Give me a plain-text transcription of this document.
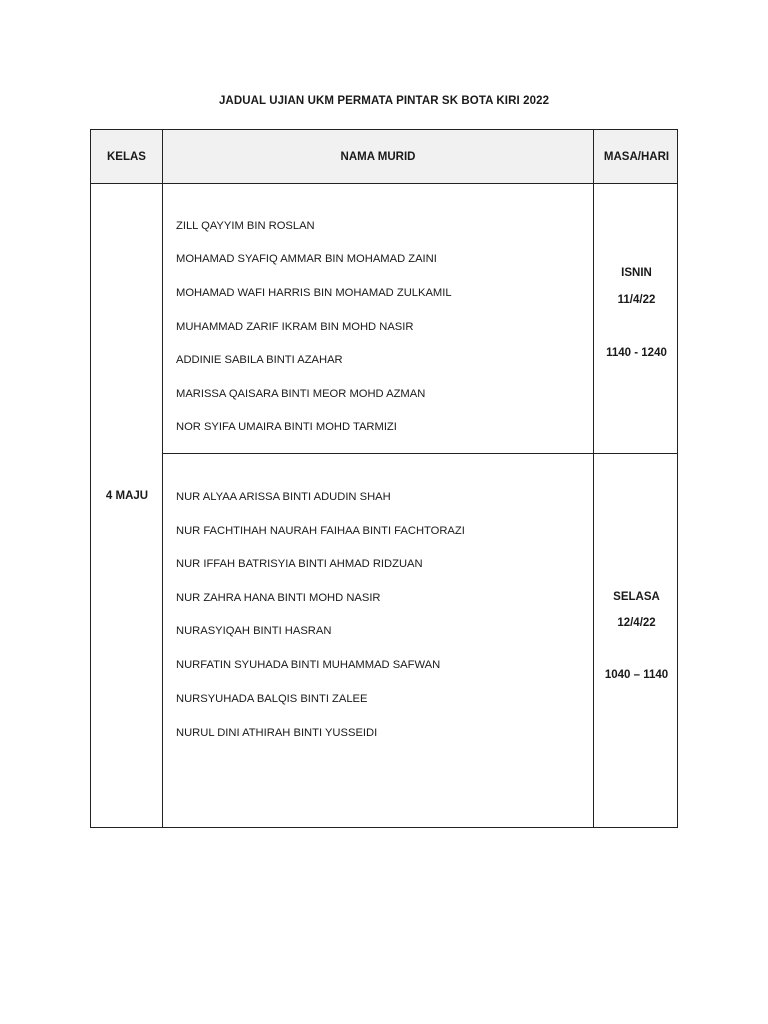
JADUAL UJIAN UKM PERMATA PINTAR SK BOTA KIRI 2022
KELAS	NAMA MURID	MASA/HARI
4 MAJU
ZILL QAYYIM BIN ROSLAN
MOHAMAD SYAFIQ AMMAR BIN MOHAMAD ZAINI
MOHAMAD WAFI HARRIS BIN MOHAMAD ZULKAMIL
MUHAMMAD ZARIF IKRAM BIN MOHD NASIR
ADDINIE SABILA BINTI AZAHAR
MARISSA QAISARA BINTI MEOR MOHD AZMAN
NOR SYIFA UMAIRA BINTI MOHD TARMIZI
ISNIN
11/4/22
1140 - 1240
NUR ALYAA ARISSA BINTI ADUDIN SHAH
NUR FACHTIHAH NAURAH FAIHAA BINTI FACHTORAZI
NUR IFFAH BATRISYIA BINTI AHMAD RIDZUAN
NUR ZAHRA HANA BINTI MOHD NASIR
NURASYIQAH BINTI HASRAN
NURFATIN SYUHADA BINTI MUHAMMAD SAFWAN
NURSYUHADA BALQIS BINTI ZALEE
NURUL DINI ATHIRAH BINTI YUSSEIDI
SELASA
12/4/22
1040 – 1140
